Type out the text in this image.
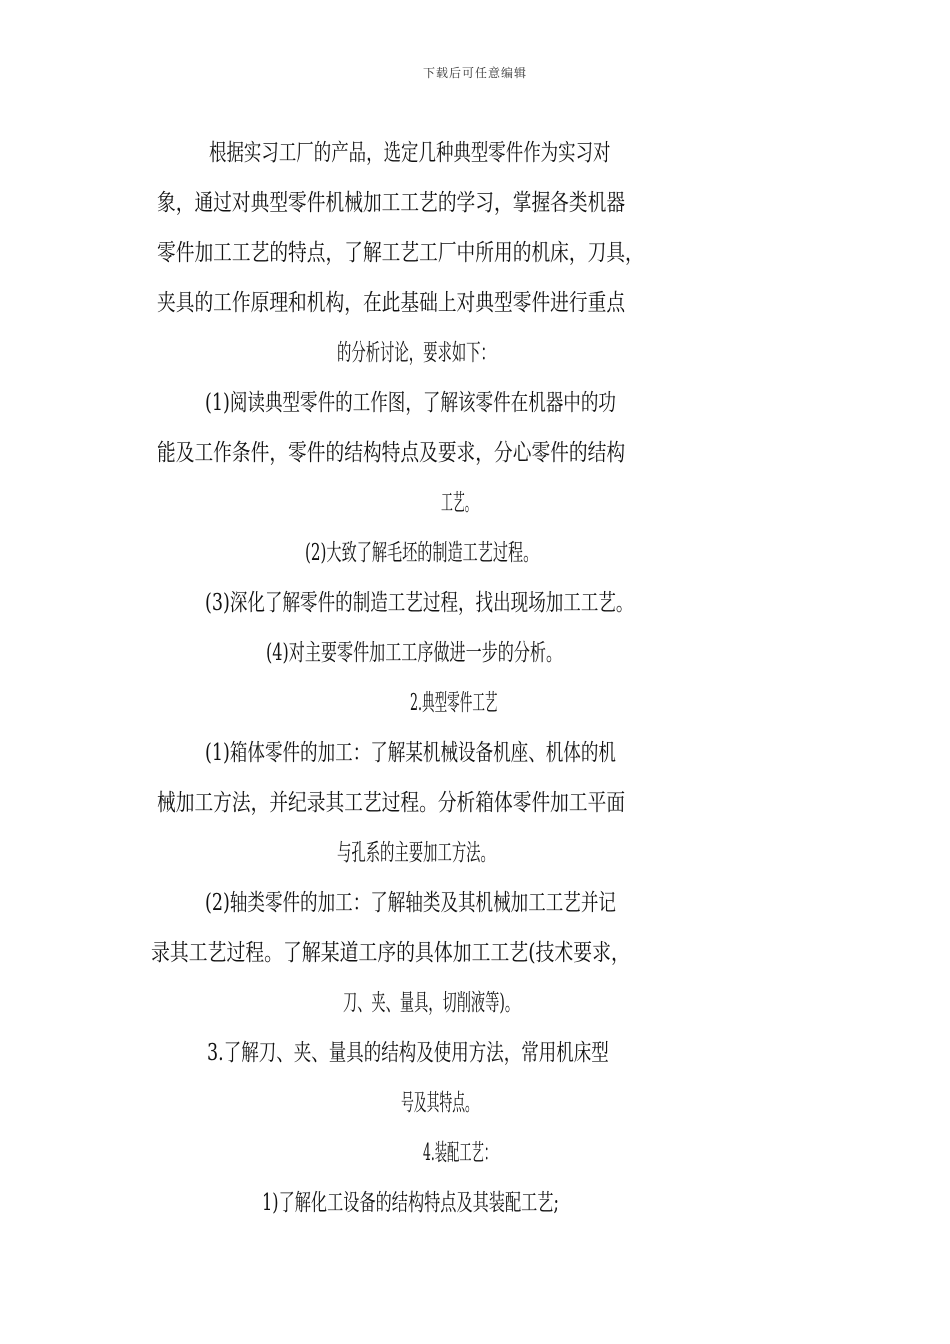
下载后可任意编辑
根据实习工厂的产品，选定几种典型零件作为实习对
象，通过对典型零件机械加工工艺的学习，掌握各类机器
零件加工工艺的特点，了解工艺工厂中所用的机床，刀具，
夹具的工作原理和机构，在此基础上对典型零件进行重点
的分析讨论，要求如下：
(1)阅读典型零件的工作图，了解该零件在机器中的功
能及工作条件，零件的结构特点及要求，分心零件的结构
工艺。
(2)大致了解毛坯的制造工艺过程。
(3)深化了解零件的制造工艺过程，找出现场加工工艺。
(4)对主要零件加工工序做进一步的分析。
2.典型零件工艺
(1)箱体零件的加工：了解某机械设备机座、机体的机
械加工方法，并纪录其工艺过程。分析箱体零件加工平面
与孔系的主要加工方法。
(2)轴类零件的加工：了解轴类及其机械加工工艺并记
录其工艺过程。了解某道工序的具体加工工艺(技术要求，
刀、夹、量具，切削液等)。
3.了解刀、夹、量具的结构及使用方法，常用机床型
号及其特点。
4.装配工艺：
1)了解化工设备的结构特点及其装配工艺;
